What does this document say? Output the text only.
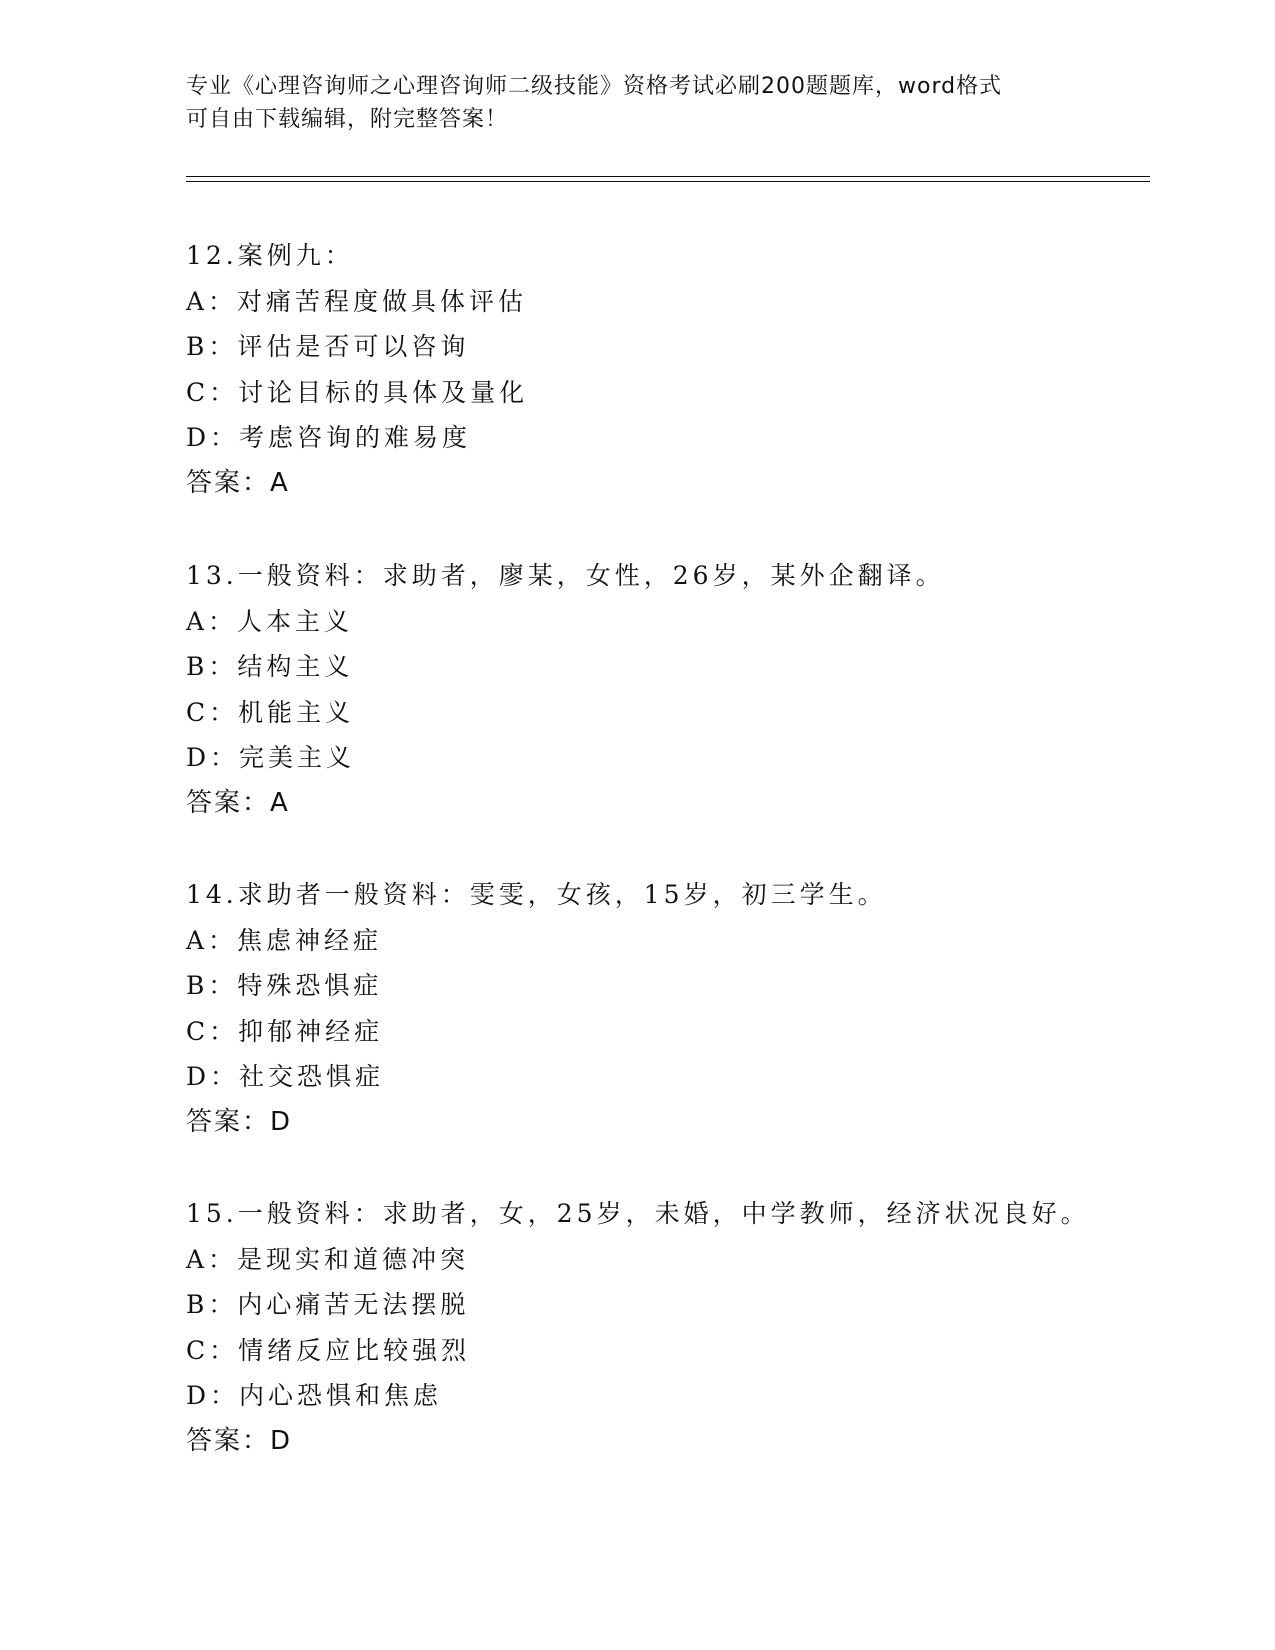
专业《心理咨询师之心理咨询师二级技能》资格考试必刷200题题库，word格式
可自由下载编辑，附完整答案！
12.案例九：
A：对痛苦程度做具体评估
B：评估是否可以咨询
C：讨论目标的具体及量化
D：考虑咨询的难易度
答案：A
13.一般资料：求助者，廖某，女性，26岁，某外企翻译。
A：人本主义
B：结构主义
C：机能主义
D：完美主义
答案：A
14.求助者一般资料：雯雯，女孩，15岁，初三学生。
A：焦虑神经症
B：特殊恐惧症
C：抑郁神经症
D：社交恐惧症
答案：D
15.一般资料：求助者，女，25岁，未婚，中学教师，经济状况良好。
A：是现实和道德冲突
B：内心痛苦无法摆脱
C：情绪反应比较强烈
D：内心恐惧和焦虑
答案：D
